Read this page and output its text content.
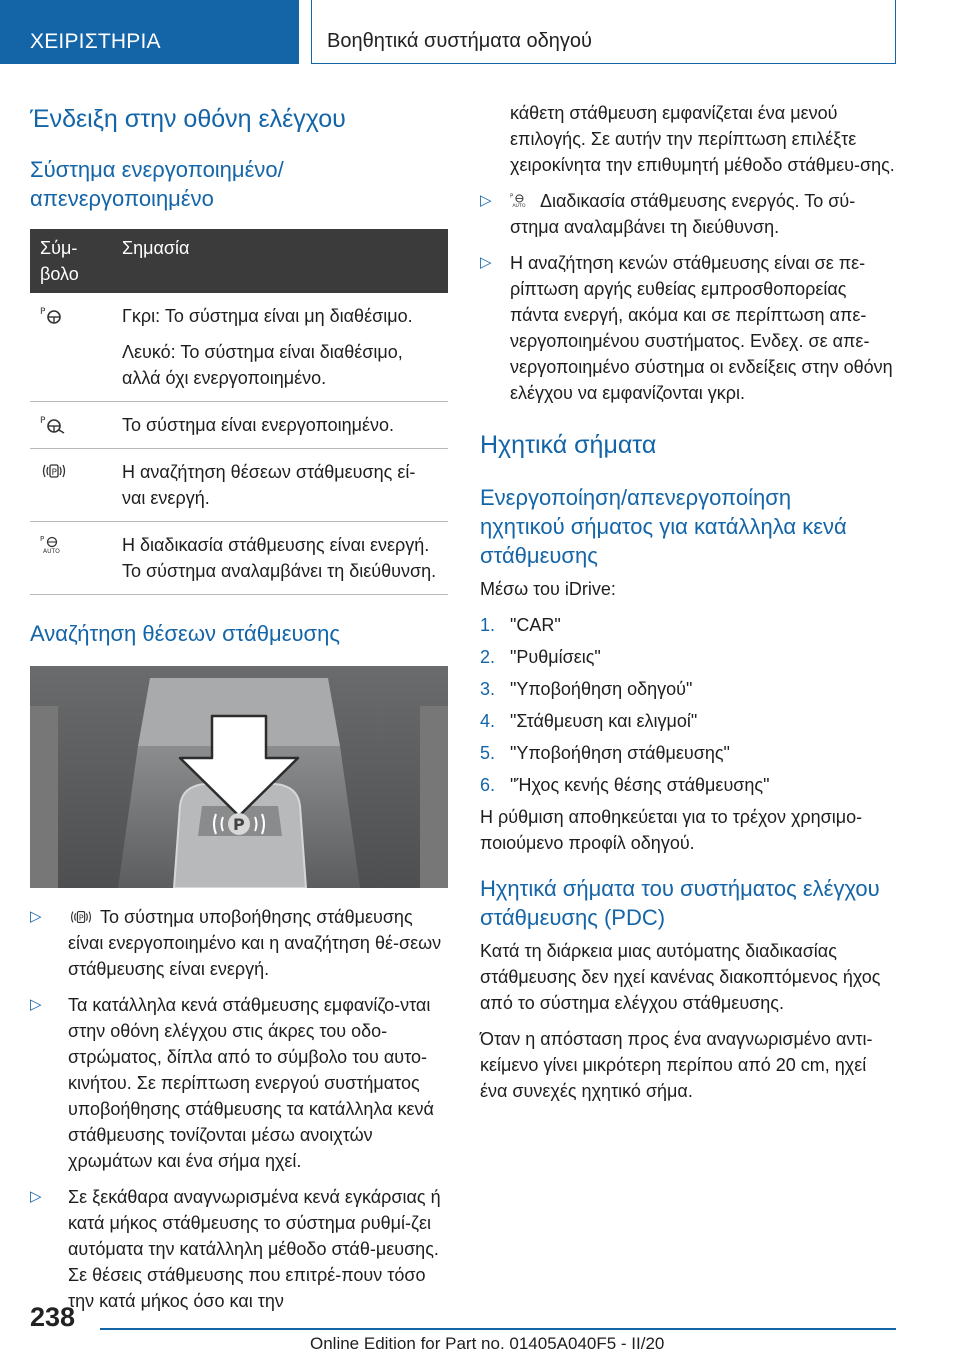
ΧΕΙΡΙΣΤΗΡΙΑ	Βοηθητικά συστήματα οδηγού
Ένδειξη στην οθόνη ελέγχου
Σύστημα ενεργοποιημένο/απενεργοποιημένο
Σύμ-βολο	Σημασία

P	Γκρι: Το σύστημα είναι μη διαθέσιμο.

Λευκό: Το σύστημα είναι διαθέσιμο, αλλά όχι ενεργοποιημένο.

P	Το σύστημα είναι ενεργοποιημένο.

P	Η αναζήτηση θέσεων στάθμευσης εί-ναι ενεργή.

P
AUTO	Η διαδικασία στάθμευσης είναι ενεργή. Το σύστημα αναλαμβάνει τη διεύθυνση.

Αναζήτηση θέσεων στάθμευσης
P
▷	P Το σύστημα υποβοήθησης στάθμευσης είναι ενεργοποιημένο και η αναζήτηση θέ-σεων στάθμευσης είναι ενεργή.
▷ Τα κατάλληλα κενά στάθμευσης εμφανίζο-νται στην οθόνη ελέγχου στις άκρες του οδο-στρώματος, δίπλα από το σύμβολο του αυτο-κινήτου. Σε περίπτωση ενεργού συστήματος υποβοήθησης στάθμευσης τα κατάλληλα κενά στάθμευσης τονίζονται μέσω ανοιχτών χρωμάτων και ένα σήμα ηχεί.
▷ Σε ξεκάθαρα αναγνωρισμένα κενά εγκάρσιας ή κατά μήκος στάθμευσης το σύστημα ρυθμί-ζει αυτόματα την κατάλληλη μέθοδο στάθ-μευσης. Σε θέσεις στάθμευσης που επιτρέ-πουν τόσο την κατά μήκος όσο και την

κάθετη στάθμευση εμφανίζεται ένα μενού επιλογής. Σε αυτήν την περίπτωση επιλέξτε χειροκίνητα την επιθυμητή μέθοδο στάθμευ-σης.

▷	P
AUTO Διαδικασία στάθμευσης ενεργός. Το σύ-στημα αναλαμβάνει τη διεύθυνση.
▷ Η αναζήτηση κενών στάθμευσης είναι σε πε-ρίπτωση αργής ευθείας εμπροσθοπορείας πάντα ενεργή, ακόμα και σε περίπτωση απε-νεργοποιημένου συστήματος. Ενδεχ. σε απε-νεργοποιημένο σύστημα οι ενδείξεις στην οθόνη ελέγχου να εμφανίζονται γκρι.
Ηχητικά σήματα
Ενεργοποίηση/απενεργοποίηση ηχητικού σήματος για κατάλληλα κενά στάθμευσης

Μέσω του iDrive:

1. "CAR"
2. "Ρυθμίσεις"
3. "Υποβοήθηση οδηγού"
4. "Στάθμευση και ελιγμοί"
5. "Υποβοήθηση στάθμευσης"
6. "Ήχος κενής θέσης στάθμευσης"

Η ρύθμιση αποθηκεύεται για το τρέχον χρησιμο-ποιούμενο προφίλ οδηγού.

Ηχητικά σήματα του συστήματος ελέγχου στάθμευσης (PDC)

Κατά τη διάρκεια μιας αυτόματης διαδικασίας στάθμευσης δεν ηχεί κανένας διακοπτόμενος ήχος από το σύστημα ελέγχου στάθμευσης.

Όταν η απόσταση προς ένα αναγνωρισμένο αντι-κείμενο γίνει μικρότερη περίπου από 20 cm, ηχεί ένα συνεχές ηχητικό σήμα.

238
Online Edition for Part no. 01405A040F5 - II/20
